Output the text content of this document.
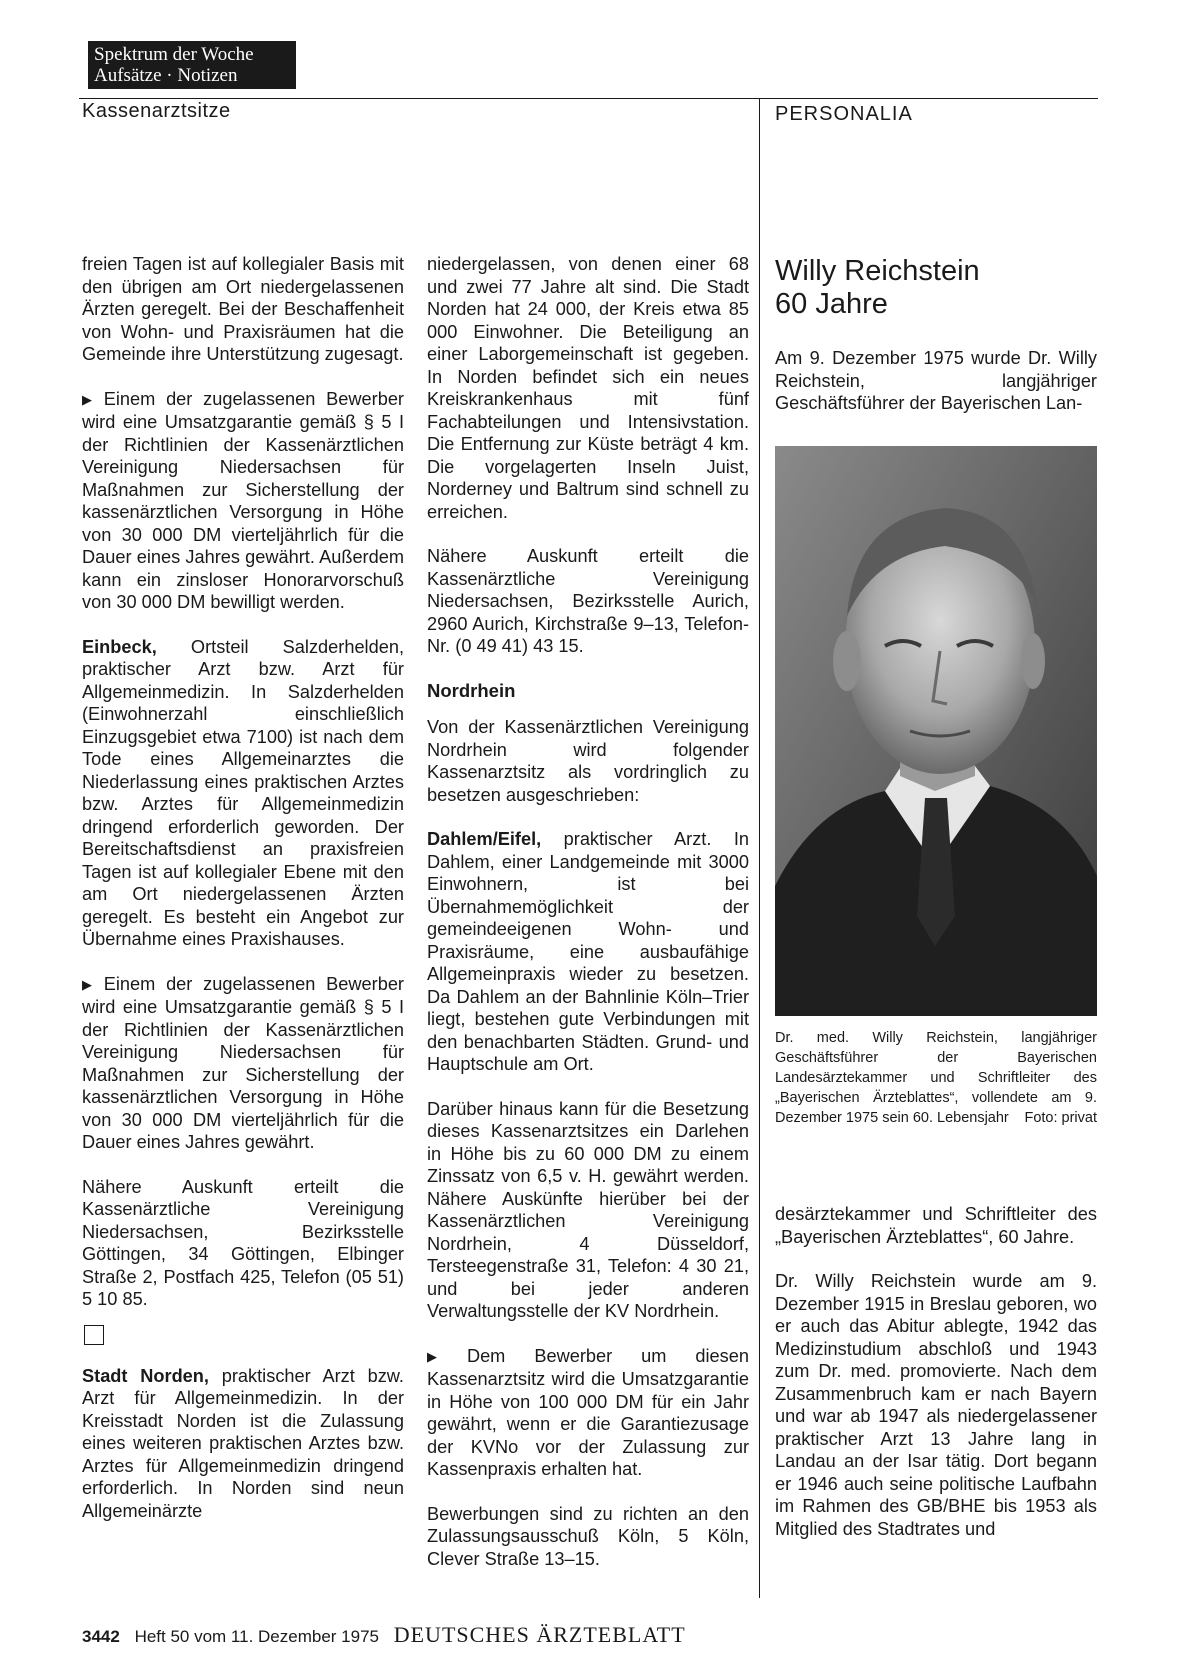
Spektrum der Woche
Aufsätze · Notizen
Kassenarztsitze	PERSONALIA

freien Tagen ist auf kollegialer Basis mit den übrigen am Ort niedergelassenen Ärzten geregelt. Bei der Beschaffenheit von Wohn- und Praxisräumen hat die Gemeinde ihre Unterstützung zugesagt.

▶ Einem der zugelassenen Bewerber wird eine Umsatzgarantie gemäß § 5 I der Richtlinien der Kassenärztlichen Vereinigung Niedersachsen für Maßnahmen zur Sicherstellung der kassenärztlichen Versorgung in Höhe von 30 000 DM vierteljährlich für die Dauer eines Jahres gewährt. Außerdem kann ein zinsloser Honorarvorschuß von 30 000 DM bewilligt werden.

Einbeck, Ortsteil Salzderhelden, praktischer Arzt bzw. Arzt für Allgemeinmedizin. In Salzderhelden (Einwohnerzahl einschließlich Einzugsgebiet etwa 7100) ist nach dem Tode eines Allgemeinarztes die Niederlassung eines praktischen Arztes bzw. Arztes für Allgemeinmedizin dringend erforderlich geworden. Der Bereitschaftsdienst an praxisfreien Tagen ist auf kollegialer Ebene mit den am Ort niedergelassenen Ärzten geregelt. Es besteht ein Angebot zur Übernahme eines Praxishauses.

▶ Einem der zugelassenen Bewerber wird eine Umsatzgarantie gemäß § 5 I der Richtlinien der Kassenärztlichen Vereinigung Niedersachsen für Maßnahmen zur Sicherstellung der kassenärztlichen Versorgung in Höhe von 30 000 DM vierteljährlich für die Dauer eines Jahres gewährt.

Nähere Auskunft erteilt die Kassenärztliche Vereinigung Niedersachsen, Bezirksstelle Göttingen, 34 Göttingen, Elbinger Straße 2, Postfach 425, Telefon (05 51) 5 10 85.

Stadt Norden, praktischer Arzt bzw. Arzt für Allgemeinmedizin. In der Kreisstadt Norden ist die Zulassung eines weiteren praktischen Arztes bzw. Arztes für Allgemeinmedizin dringend erforderlich. In Norden sind neun Allgemeinärzte

niedergelassen, von denen einer 68 und zwei 77 Jahre alt sind. Die Stadt Norden hat 24 000, der Kreis etwa 85 000 Einwohner. Die Beteiligung an einer Laborgemeinschaft ist gegeben. In Norden befindet sich ein neues Kreiskrankenhaus mit fünf Fachabteilungen und Intensivstation. Die Entfernung zur Küste beträgt 4 km. Die vorgelagerten Inseln Juist, Norderney und Baltrum sind schnell zu erreichen.

Nähere Auskunft erteilt die Kassenärztliche Vereinigung Niedersachsen, Bezirksstelle Aurich, 2960 Aurich, Kirchstraße 9–13, Telefon-Nr. (0 49 41) 43 15.

Nordrhein

Von der Kassenärztlichen Vereinigung Nordrhein wird folgender Kassenarztsitz als vordringlich zu besetzen ausgeschrieben:

Dahlem/Eifel, praktischer Arzt. In Dahlem, einer Landgemeinde mit 3000 Einwohnern, ist bei Übernahmemöglichkeit der gemeindeeigenen Wohn- und Praxisräume, eine ausbaufähige Allgemeinpraxis wieder zu besetzen. Da Dahlem an der Bahnlinie Köln–Trier liegt, bestehen gute Verbindungen mit den benachbarten Städten. Grund- und Hauptschule am Ort.

Darüber hinaus kann für die Besetzung dieses Kassenarztsitzes ein Darlehen in Höhe bis zu 60 000 DM zu einem Zinssatz von 6,5 v. H. gewährt werden. Nähere Auskünfte hierüber bei der Kassenärztlichen Vereinigung Nordrhein, 4 Düsseldorf, Tersteegenstraße 31, Telefon: 4 30 21, und bei jeder anderen Verwaltungsstelle der KV Nordrhein.

▶ Dem Bewerber um diesen Kassenarztsitz wird die Umsatzgarantie in Höhe von 100 000 DM für ein Jahr gewährt, wenn er die Garantiezusage der KVNo vor der Zulassung zur Kassenpraxis erhalten hat.

Bewerbungen sind zu richten an den Zulassungsausschuß Köln, 5 Köln, Clever Straße 13–15.

Willy Reichstein
60 Jahre
Am 9. Dezember 1975 wurde Dr. Willy Reichstein, langjähriger Geschäftsführer der Bayerischen Lan-
Dr. med. Willy Reichstein, langjähriger Geschäftsführer der Bayerischen Landesärztekammer und Schriftleiter des „Bayerischen Ärzteblattes“, vollendete am 9. Dezember 1975 sein 60. Lebensjahr Foto: privat

desärztekammer und Schriftleiter des „Bayerischen Ärzteblattes“, 60 Jahre.

Dr. Willy Reichstein wurde am 9. Dezember 1915 in Breslau geboren, wo er auch das Abitur ablegte, 1942 das Medizinstudium abschloß und 1943 zum Dr. med. promovierte. Nach dem Zusammenbruch kam er nach Bayern und war ab 1947 als niedergelassener praktischer Arzt 13 Jahre lang in Landau an der Isar tätig. Dort begann er 1946 auch seine politische Laufbahn im Rahmen des GB/BHE bis 1953 als Mitglied des Stadtrates und

3442 Heft 50 vom 11. Dezember 1975 DEUTSCHES ÄRZTEBLATT
